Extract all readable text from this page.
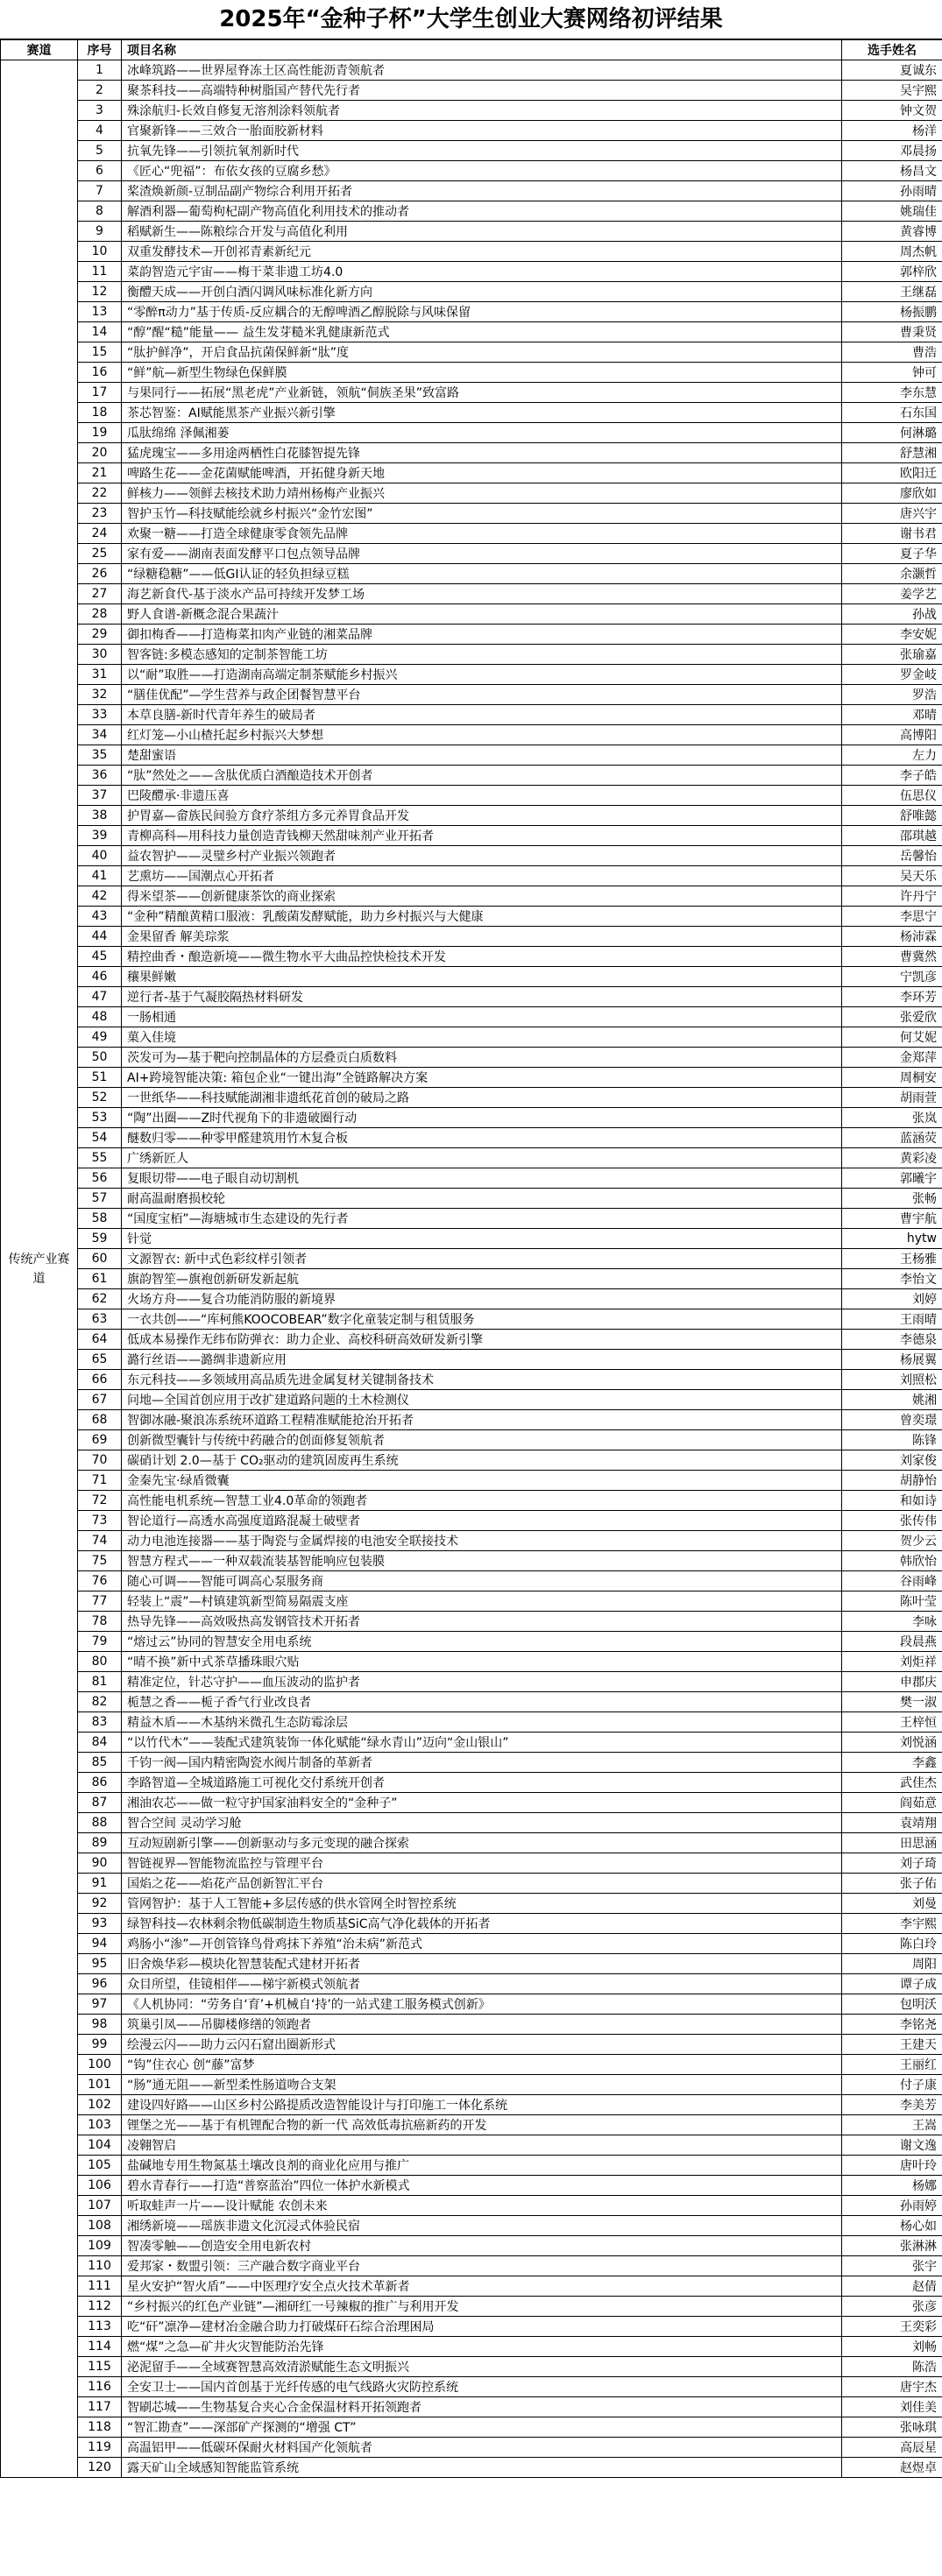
2025年“金种子杯”大学生创业大赛网络初评结果
赛道	序号	项目名称	选手姓名
传统产业赛道	1	冰峰筑路——世界屋脊冻土区高性能沥青领航者	夏诚东
	2	聚茶科技——高端特种树脂国产替代先行者	吴宇熙
	3	殊涂航归-长效自修复无溶剂涂料领航者	钟文贺
	4	官聚新锋——三效合一胎面胶新材料	杨洋
	5	抗氧先锋——引领抗氧剂新时代	邓晨扬
	6	《匠心“兜福”：布依女孩的豆腐乡愁》	杨昌文
	7	桨渣焕新颜-豆制品副产物综合利用开拓者	孙雨晴
	8	解酒利器—葡萄枸杞副产物高值化利用技术的推动者	姚瑞佳
	9	稻赋新生——陈粮综合开发与高值化利用	黄睿博
	10	双重发酵技术—开创祁青素新纪元	周杰帆
	11	菜韵智造元宇宙——梅干菜非遗工坊4.0	郭梓欣
	12	衡醴天成——开创白酒闪调风味标准化新方向	王继磊
	13	“零醉π动力”基于传质-反应耦合的无醇啤酒乙醇脱除与风味保留	杨振鹏
	14	“醇”醒“糙”能量—— 益生发芽糙米乳健康新范式	曹秉贤
	15	“肽护鲜净”，开启食品抗菌保鲜新“肽”度	曹浩
	16	“鲜”航—新型生物绿色保鲜膜	钟可
	17	与果同行——拓展“黑老虎”产业新链，领航“侗族圣果”致富路	李东慧
	18	茶芯智鉴：AI赋能黑茶产业振兴新引擎	石东国
	19	瓜肽绵绵 泽佩湘蒌	何淋璐
	20	猛虎瑰宝——多用途两栖性白花膝智提先锋	舒慧湘
	21	啤路生花——金花菌赋能啤酒，开拓健身新天地	欧阳迁
	22	鲜核力——领鲜去核技术助力靖州杨梅产业振兴	廖欣如
	23	智护玉竹—科技赋能绘就乡村振兴“金竹宏图”	唐兴宇
	24	欢聚一糖——打造全球健康零食领先品牌	谢书君
	25	家有爱——湖南表面发酵平口包点领导品牌	夏子华
	26	“绿糖稳糖”——低GI认证的轻负担绿豆糕	余灏哲
	27	海艺新食代-基于淡水产品可持续开发梦工场	姜学艺
	28	野人食谱-新概念混合果蔬汁	孙战
	29	御扣梅香——打造梅菜扣肉产业链的湘菜品牌	李安妮
	30	智客链:多模态感知的定制茶智能工坊	张瑜嘉
	31	以“耐”取胜——打造湖南高端定制茶赋能乡村振兴	罗金岐
	32	“膳佳优配”—学生营养与政企团餐智慧平台	罗浩
	33	本草良膳-新时代青年养生的破局者	邓晴
	34	红灯笼—小山楂托起乡村振兴大梦想	高博阳
	35	楚甜蜜语	左力
	36	“肽”然处之——含肽优质白酒酿造技术开创者	李子皓
	37	巴陵醴承·非遗压喜	伍思仪
	38	护胃嘉—畲族民间验方食疗茶组方多元养胃食品开发	舒唯懿
	39	青柳高科—用科技力量创造青钱柳天然甜味剂产业开拓者	邵琪越
	40	益农智护——灵璧乡村产业振兴领跑者	岳馨怡
	41	艺熏坊——国潮点心开拓者	吴天乐
	42	得米望茶——创新健康茶饮的商业探索	许丹宁
	43	“金种”精酿黄精口服液：乳酸菌发酵赋能，助力乡村振兴与大健康	李思宁
	44	金果留香 解美琮浆	杨沛霖
	45	精控曲香・酿造新境——微生物水平大曲品控快检技术开发	曹冀然
	46	穰果鲜嫩	宁凯彦
	47	逆行者-基于气凝胶隔热材料研发	李环芳
	48	一肠相通	张爱欣
	49	菓入佳境	何艾妮
	50	茨发可为—基于靶向控制晶体的方层叠贡白质数料	金郑萍
	51	AI+跨境智能决策: 箱包企业“一键出海”全链路解决方案	周桐安
	52	一世纸华——科技赋能湖湘非遗纸花首创的破局之路	胡雨萱
	53	“陶”出圈——Z时代视角下的非遗破圈行动	张岚
	54	醚数归零——种零甲醛建筑用竹木复合板	蓝涵荧
	55	广绣新匠人	黄彩凌
	56	复眼切带——电子眼自动切割机	郭曦宇
	57	耐高温耐磨损校轮	张畅
	58	“国度宝栢”—海塘城市生态建设的先行者	曹宇航
	59	针觉	hytw
	60	文源智衣: 新中式色彩纹样引领者	王杨雅
	61	旗韵智笙—旗袍创新研发新起航	李怡文
	62	火场方舟——复合功能消防服的新境界	刘婷
	63	一衣共创——“库柯熊KOOCOBEAR”数字化童装定制与租赁服务	王雨晴
	64	低成本易操作无纬布防弹衣：助力企业、高校科研高效研发新引擎	李德泉
	65	潞行丝语——潞绸非遗新应用	杨展翼
	66	东元科技——多领域用高品质先进金属复材关键制备技术	刘照松
	67	问地—全国首创应用于改扩建道路问题的土木检测仪	姚湘
	68	智御冰融-聚浪冻系统环道路工程精准赋能抢治开拓者	曾奕璟
	69	创新微型囊针与传统中药融合的创面修复领航者	陈锋
	70	碳硝计划 2.0—基于 CO₂驱动的建筑固废再生系统	刘家俊
	71	金秦先宝·绿盾微囊	胡静怡
	72	高性能电机系统—智慧工业4.0革命的领跑者	和如诗
	73	智论道行—高透水高强度道路混凝土破壁者	张传伟
	74	动力电池连接器——基于陶瓷与金属焊接的电池安全联接技术	贺少云
	75	智慧方程式——一种双载流装基智能响应包装膜	韩欣怡
	76	随心可调——智能可调高心泵服务商	谷雨峰
	77	轻装上“震”—村镇建筑新型简易隔震支座	陈叶莹
	78	热导先锋——高效吸热高发钢管技术开拓者	李咏
	79	“熔过云”协同的智慧安全用电系统	段晨燕
	80	“晴不换”新中式茶草播珠眼穴贴	刘炬祥
	81	精准定位，针芯守护——血压波动的监护者	申郡庆
	82	栀慧之香——栀子香气行业改良者	樊一淑
	83	精益木盾——木基纳米微孔生态防霉涂层	王梓恒
	84	“以竹代木”——装配式建筑装饰一体化赋能“绿水青山”迈向“金山银山”	刘悦涵
	85	千钧一阀—国内精密陶瓷水阀片制备的革新者	李鑫
	86	李路智道—全城道路施工可视化交付系统开创者	武佳杰
	87	湘油农芯——做一粒守护国家油料安全的“金种子”	阎茹意
	88	智合空间 灵动学习舱	袁靖翔
	89	互动短剧新引擎——创新驱动与多元变现的融合探索	田思涵
	90	智链视界—智能物流监控与管理平台	刘子琦
	91	国焰之花——焰花产品创新智汇平台	张子佑
	92	管网智护：基于人工智能+多层传感的供水管网全时智控系统	刘曼
	93	绿智科技—农林剩余物低碳制造生物质基SiC高气净化载体的开拓者	李宇熙
	94	鸡肠小“渗”—开创管锋鸟骨鸡抹下养殖“治未病”新范式	陈白玲
	95	旧舍焕华彩—模块化智慧装配式建材开拓者	周阳
	96	众目所望，佳镜相伴——梯宇新模式领航者	谭子成
	97	《人机协同：“劳务自‘育’+机械自‘持’的一站式建工服务模式创新》	包明沃
	98	筑巢引凤——吊脚楼修缮的领跑者	李铭尧
	99	绘漫云闪——助力云闪石窟出圈新形式	王建天
	100	“钩”住衣心 创“藤”富梦	王丽红
	101	“肠”通无阻——新型柔性肠道吻合支架	付子康
	102	建设四好路——山区乡村公路提质改造智能设计与打印施工一体化系统	李美芳
	103	锂堡之光——基于有机锂配合物的新一代 高效低毒抗癌新药的开发	王嵩
	104	凌翱智启	谢文逸
	105	盐碱地专用生物氮基土壤改良剂的商业化应用与推广	唐叶玲
	106	碧水青春行——打造“普察蓝治”四位一体护水新模式	杨娜
	107	听取蛙声一片——设计赋能 农创未来	孙雨婷
	108	湘绣新境——瑶族非遗文化沉浸式体验民宿	杨心如
	109	智凑零触——创造安全用电新农村	张淋淋
	110	爱邦家・数盟引领：三产融合数字商业平台	张宇
	111	星火安护“智火盾”——中医理疗安全点火技术革新者	赵倩
	112	“乡村振兴的红色产业链”—湘研红一号辣椒的推广与利用开发	张彦
	113	吃“矸”凛净—建材冶金融合助力打破煤矸石综合治理困局	王奕彩
	114	燃“煤”之急—矿井火灾智能防治先锋	刘畅
	115	泌泥留手——全域赛智慧高效清淤赋能生态文明振兴	陈浩
	116	全安卫士——国内首创基于光纤传感的电气线路火灾防控系统	唐宇杰
	117	智刷芯城——生物基复合夹心合金保温材料开拓领跑者	刘佳美
	118	“智汇勘查”——深部矿产探测的“增强 CT”	张咏琪
	119	高温铝甲——低碳环保耐火材料国产化领航者	高辰星
	120	露天矿山全域感知智能监管系统	赵煜卓
